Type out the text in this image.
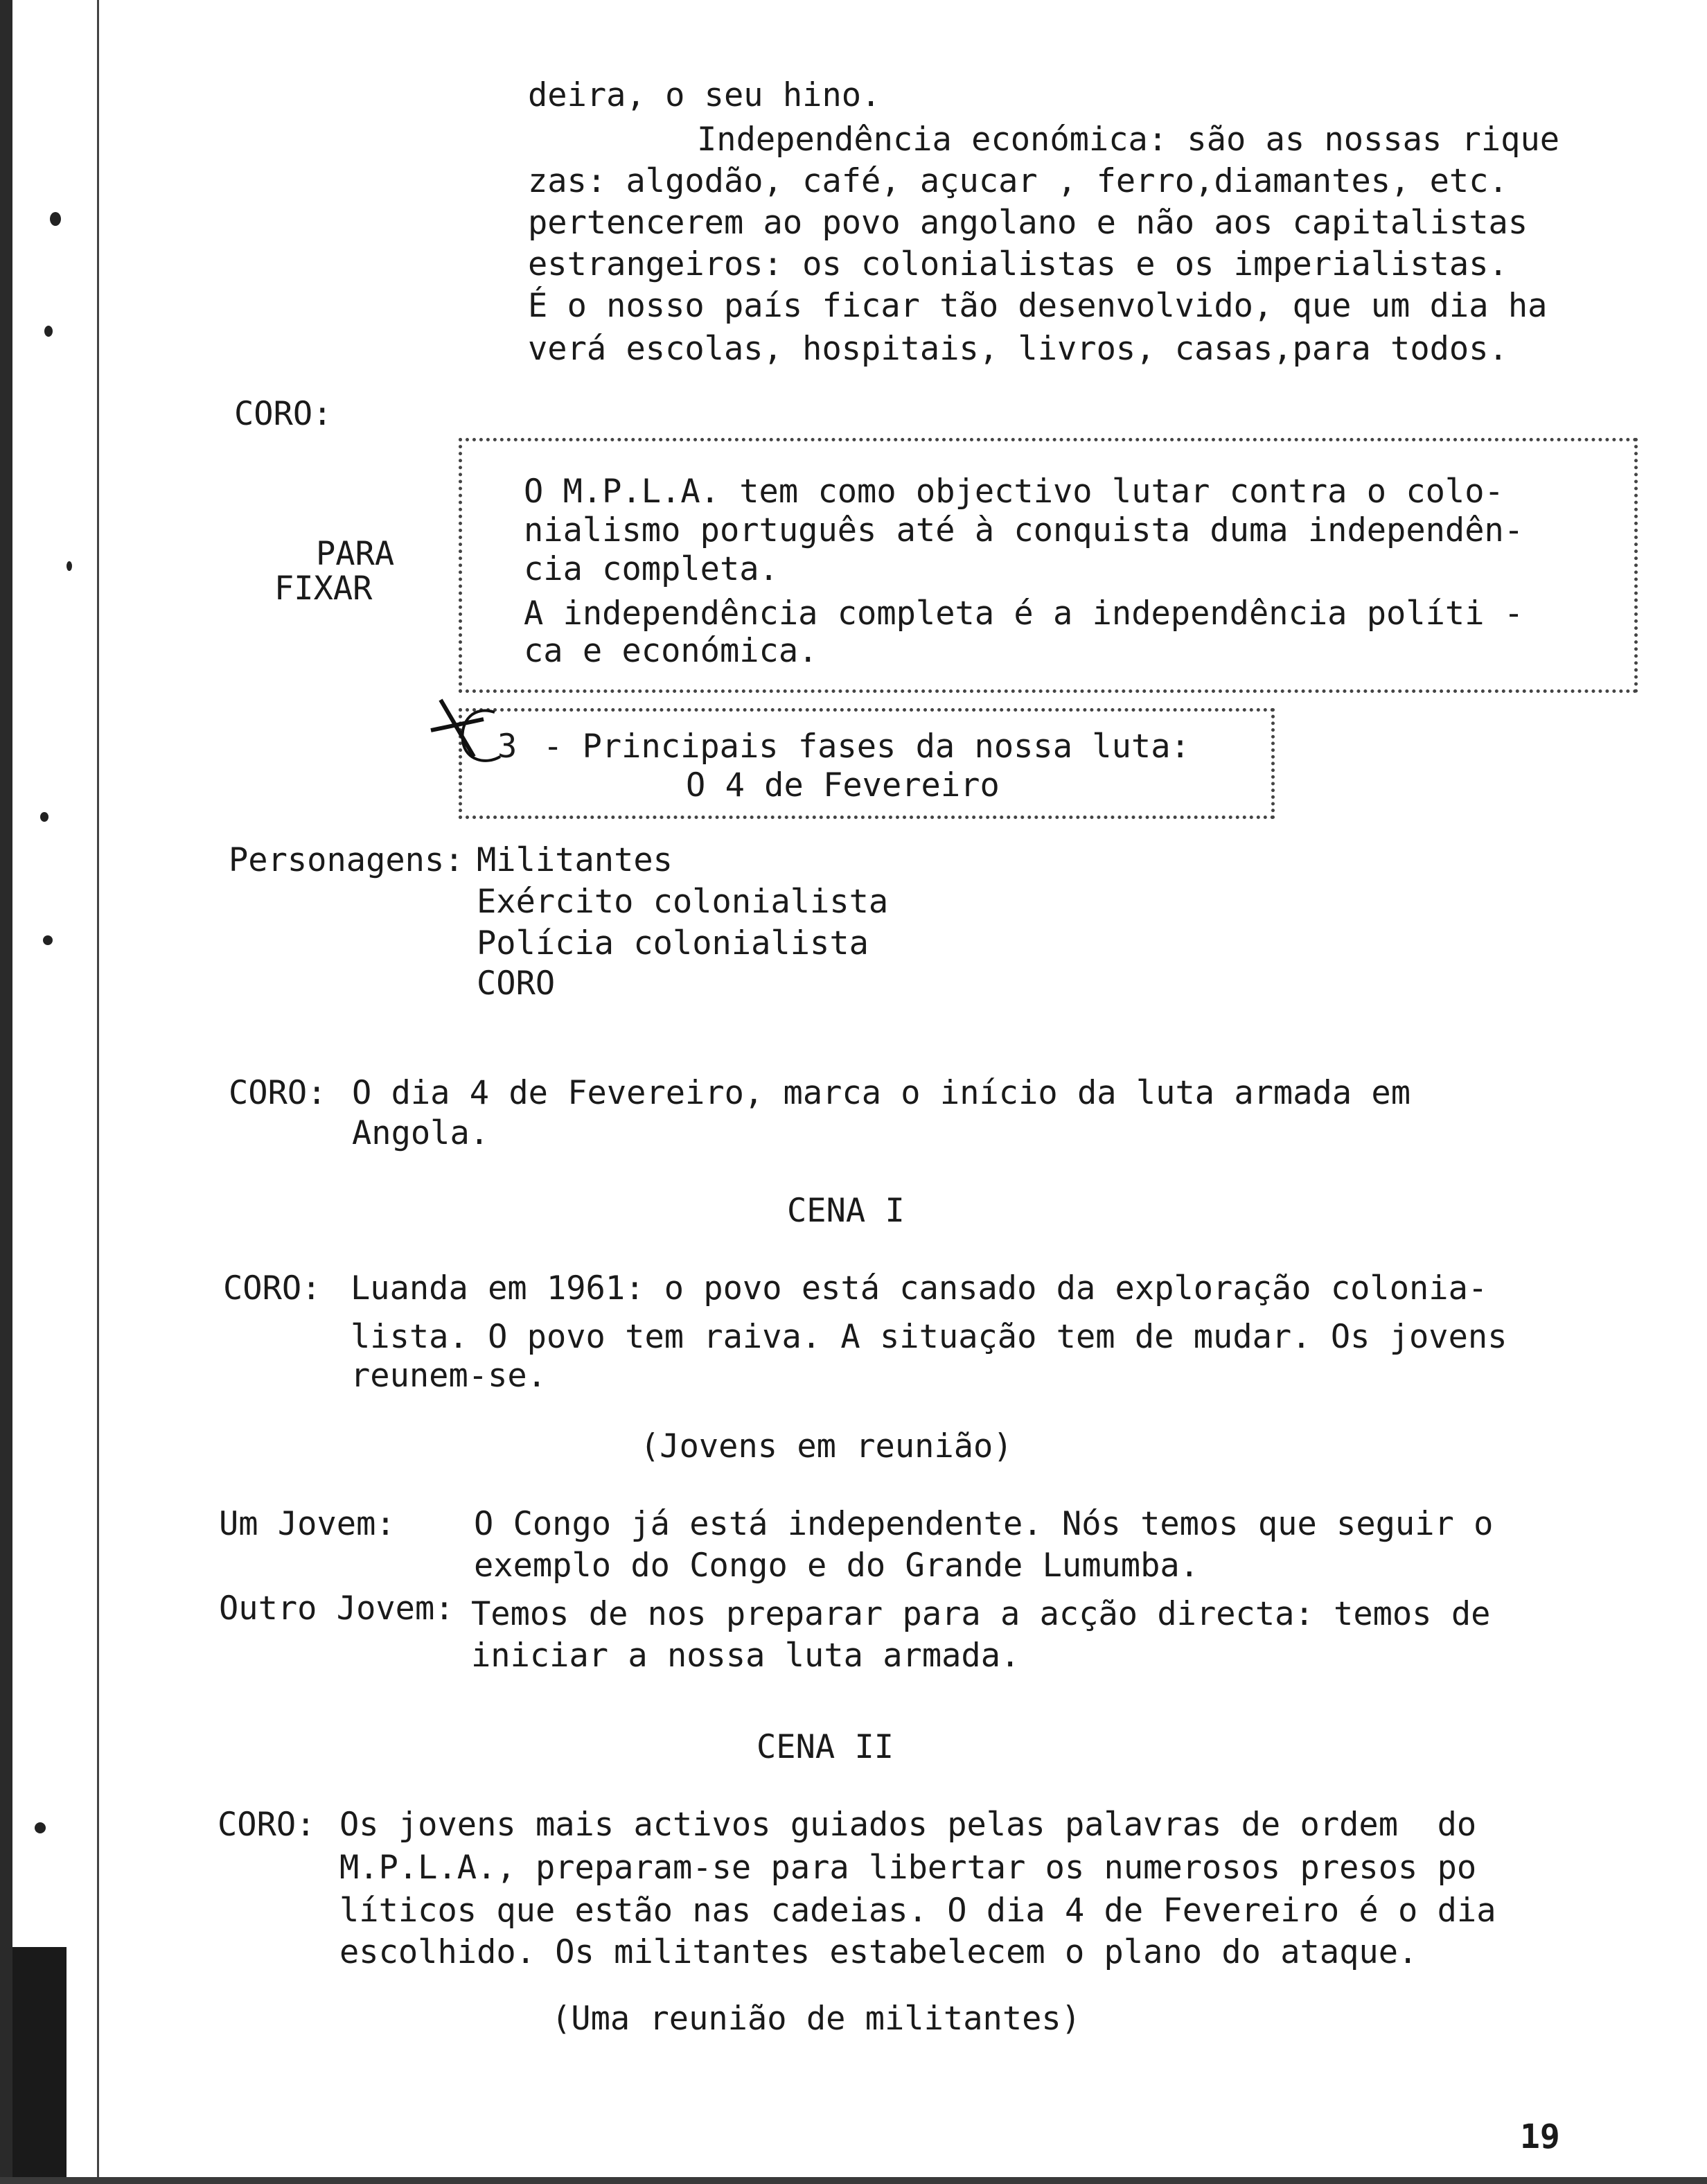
deira, o seu hino.
Independência económica: são as nossas rique
zas: algodão, café, açucar , ferro,diamantes, etc.
pertencerem ao povo angolano e não aos capitalistas
estrangeiros: os colonialistas e os imperialistas.
É o nosso país ficar tão desenvolvido, que um dia ha
verá escolas, hospitais, livros, casas,para todos.
CORO:
PARA
FIXAR
O M.P.L.A. tem como objectivo lutar contra o colo-
nialismo português até à conquista duma independên-
cia completa.
A independência completa é a independência políti -
ca e económica.
3 - Principais fases da nossa luta:
O 4 de Fevereiro
Personagens: Militantes
Exército colonialista
Polícia colonialista
CORO
CORO: O dia 4 de Fevereiro, marca o início da luta armada em
Angola.
CENA I
CORO: Luanda em 1961: o povo está cansado da exploração colonia-
lista. O povo tem raiva. A situação tem de mudar. Os jovens
reunem-se.
(Jovens em reunião)
Um Jovem: O Congo já está independente. Nós temos que seguir o
exemplo do Congo e do Grande Lumumba.
Outro Jovem: Temos de nos preparar para a acção directa: temos de
iniciar a nossa luta armada.
CENA II
CORO: Os jovens mais activos guiados pelas palavras de ordem  do
M.P.L.A., preparam-se para libertar os numerosos presos po
líticos que estão nas cadeias. O dia 4 de Fevereiro é o dia
escolhido. Os militantes estabelecem o plano do ataque.
(Uma reunião de militantes)
19
